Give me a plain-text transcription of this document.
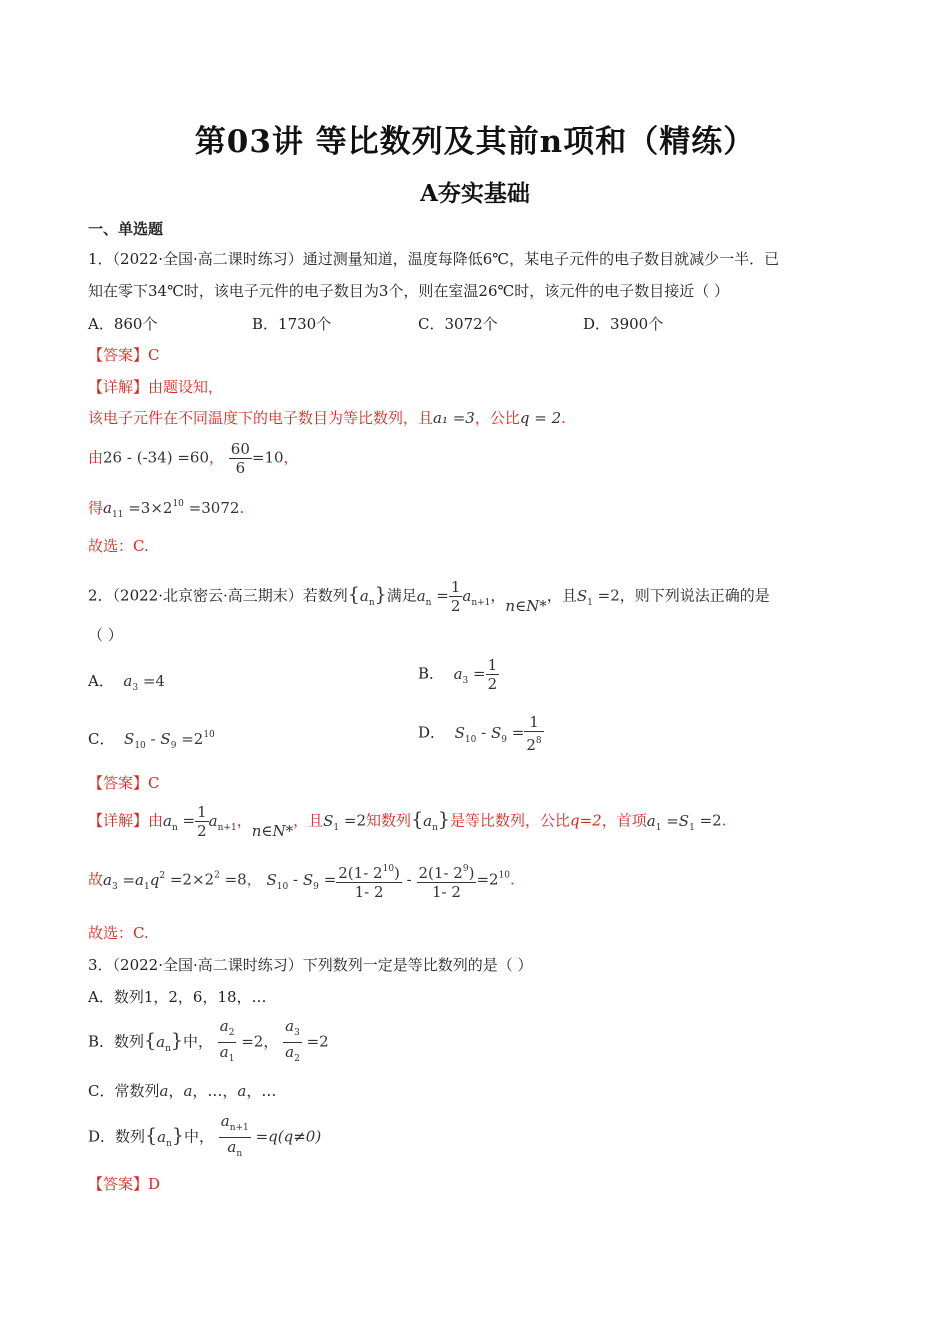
第03讲 等比数列及其前n项和（精练）
A夯实基础
一、单选题
1．（2022·全国·高二课时练习）通过测量知道，温度每降低6℃，某电子元件的电子数目就减少一半．已
知在零下34℃时，该电子元件的电子数目为3个，则在室温26℃时，该元件的电子数目接近（ ）
A．860个	B．1730个	C．3072个	D．3900个
【答案】C
【详解】由题设知，
该电子元件在不同温度下的电子数目为等比数列，且a₁ =3，公比q = 2.
由26 - (-34) =60， $\frac{60}{6} =10$，
得$a_{11} =3\times 2^{10} =3072$.
故选：C.
2．（2022·北京密云·高三期末）若数列$\{a_n\}$满足$a_n = \frac{1}{2} a_{n+1}$，n∈N*，且$S_1 =2$，则下列说法正确的是
（ ）
A． $a_3 =4$	B． $a_3 = \frac{1}{2}$
C． $S_{10} - S_9 =2^{10}$	D． $S_{10} - S_9 = \frac{1}{2^8}$
【答案】C
【详解】由$a_n = \frac{1}{2} a_{n+1}$，n∈N*，且$S_1 =2$知数列$\{a_n\}$是等比数列，公比q=2，首项$a_1 =S_1 =2$.
故$a_3 =a_1q^2 =2\times 2^2 =8$， $S_{10} - S_9 = \frac{2(1- 2^{10})}{1- 2} - \frac{2(1- 2^9)}{1- 2} =2^{10}$.
故选：C.
3．（2022·全国·高二课时练习）下列数列一定是等比数列的是（ ）
A．数列1，2，6，18，…
B．数列$\{a_n\}$中， $\frac{a_2}{a_1} =2$， $\frac{a_3}{a_2} =2$
C．常数列a，a，…，a，…
D．数列$\{a_n\}$中， $\frac{a_{n+1}}{a_n} =q(q\ne 0)$
【答案】D
